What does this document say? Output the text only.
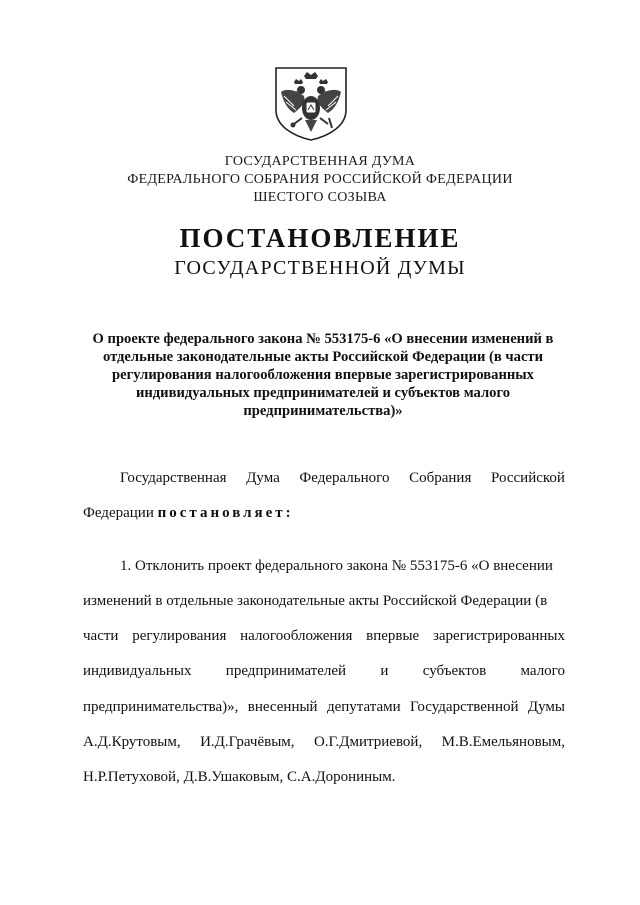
ГОСУДАРСТВЕННАЯ ДУМА
ФЕДЕРАЛЬНОГО СОБРАНИЯ РОССИЙСКОЙ ФЕДЕРАЦИИ
ШЕСТОГО СОЗЫВА
ПОСТАНОВЛЕНИЕ
ГОСУДАРСТВЕННОЙ ДУМЫ
О проекте федерального закона № 553175-6 «О внесении изменений в
отдельные законодательные акты Российской Федерации (в части
регулирования налогообложения впервые зарегистрированных
индивидуальных предпринимателей и субъектов малого
предпринимательства)»
Государственная Дума Федерального Собрания Российской
Федерации постановляет:
1. Отклонить проект федерального закона № 553175-6 «О внесении
изменений в отдельные законодательные акты Российской Федерации (в
части регулирования налогообложения впервые зарегистрированных
индивидуальных предпринимателей и субъектов малого
предпринимательства)», внесенный депутатами Государственной Думы
А.Д.Крутовым, И.Д.Грачёвым, О.Г.Дмитриевой, М.В.Емельяновым,
Н.Р.Петуховой, Д.В.Ушаковым, С.А.Дорониным.
